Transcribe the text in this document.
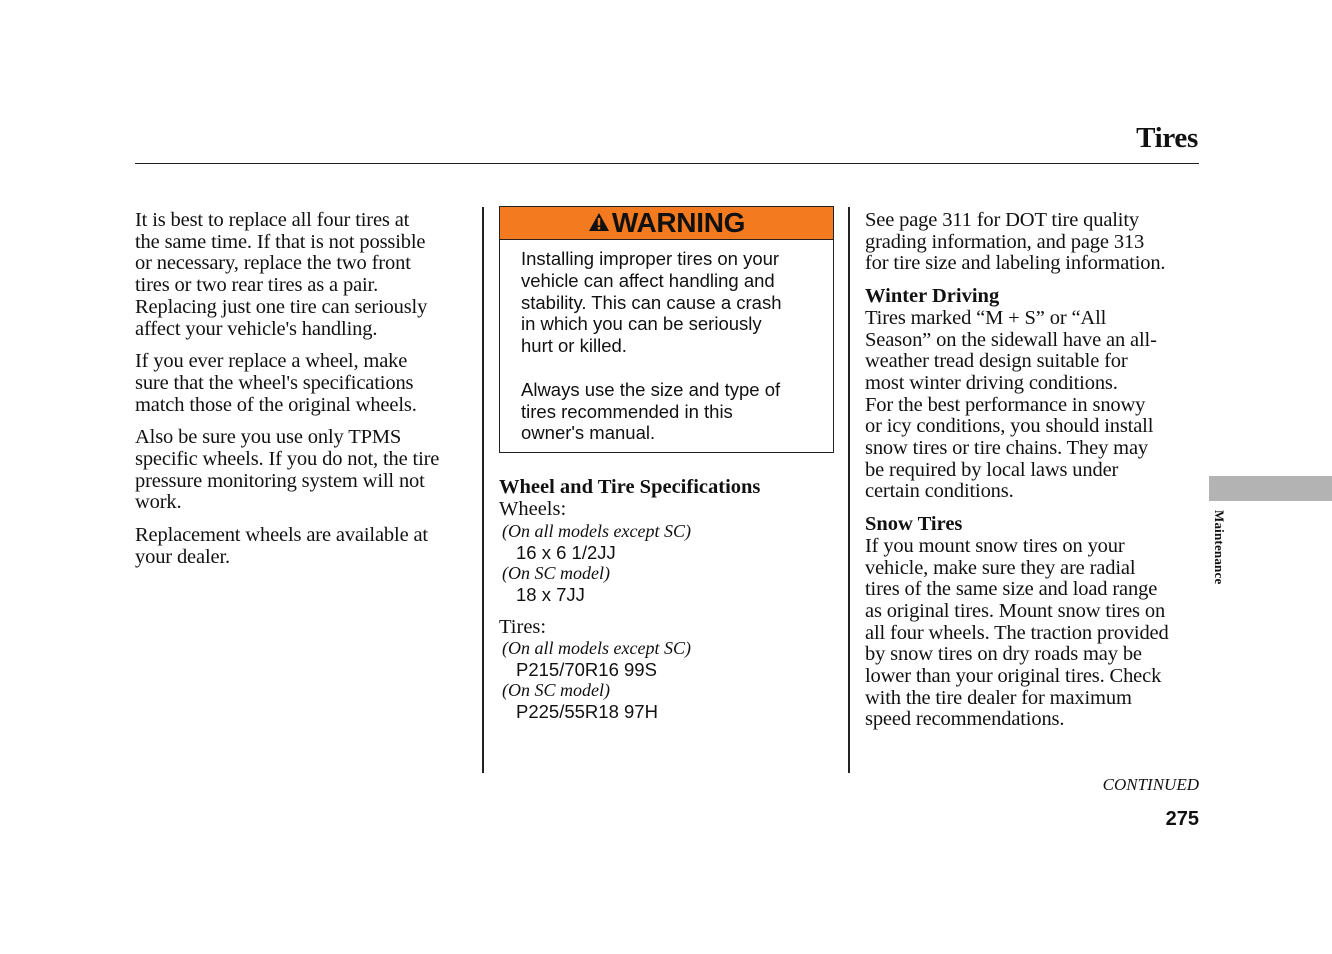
Tires

It is best to replace all four tires at
the same time. If that is not possible
or necessary, replace the two front
tires or two rear tires as a pair.
Replacing just one tire can seriously
affect your vehicle's handling.

If you ever replace a wheel, make
sure that the wheel's specifications
match those of the original wheels.

Also be sure you use only TPMS
specific wheels. If you do not, the tire
pressure monitoring system will not
work.

Replacement wheels are available at
your dealer.

WARNING

Installing improper tires on your
vehicle can affect handling and
stability. This can cause a crash
in which you can be seriously
hurt or killed.

Always use the size and type of
tires recommended in this
owner's manual.

Wheel and Tire Specifications

Wheels:

(On all models except SC)

16 x 6 1/2JJ

(On SC model)

18 x 7JJ

Tires:

(On all models except SC)

P215/70R16 99S

(On SC model)

P225/55R18 97H

See page 311 for DOT tire quality
grading information, and page 313
for tire size and labeling information.

Winter Driving

Tires marked “M + S” or “All
Season” on the sidewall have an all-
weather tread design suitable for
most winter driving conditions.
For the best performance in snowy
or icy conditions, you should install
snow tires or tire chains. They may
be required by local laws under
certain conditions.

Snow Tires

If you mount snow tires on your
vehicle, make sure they are radial
tires of the same size and load range
as original tires. Mount snow tires on
all four wheels. The traction provided
by snow tires on dry roads may be
lower than your original tires. Check
with the tire dealer for maximum
speed recommendations.

Maintenance
CONTINUED
275
